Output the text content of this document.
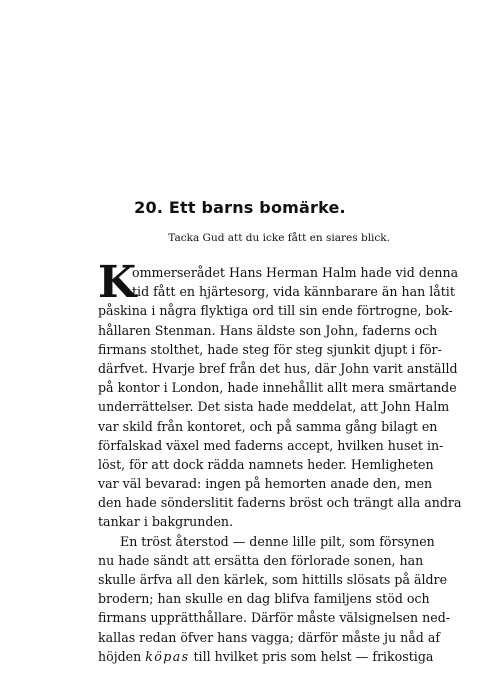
20. Ett barns bomärke.
Tacka Gud att du icke fått en siares blick.
K
ommerserådet Hans Herman Halm hade vid denna
tid fått en hjärtesorg, vida kännbarare än han låtit
påskina i några flyktiga ord till sin ende förtrogne, bok-
hållaren Stenman. Hans äldste son John, faderns och
firmans stolthet, hade steg för steg sjunkit djupt i för-
därfvet. Hvarje bref från det hus, där John varit anställd
på kontor i London, hade innehållit allt mera smärtande
underrättelser. Det sista hade meddelat, att John Halm
var skild från kontoret, och på samma gång bilagt en
förfalskad växel med faderns accept, hvilken huset in-
löst, för att dock rädda namnets heder. Hemligheten
var väl bevarad: ingen på hemorten anade den, men
den hade sönderslitit faderns bröst och trängt alla andra
tankar i bakgrunden.
En tröst återstod — denne lille pilt, som försynen
nu hade sändt att ersätta den förlorade sonen, han
skulle ärfva all den kärlek, som hittills slösats på äldre
brodern; han skulle en dag blifva familjens stöd och
firmans upprätthållare. Därför måste välsignelsen ned-
kallas redan öfver hans vagga; därför måste ju nåd af
höjden köpas till hvilket pris som helst — frikostiga
